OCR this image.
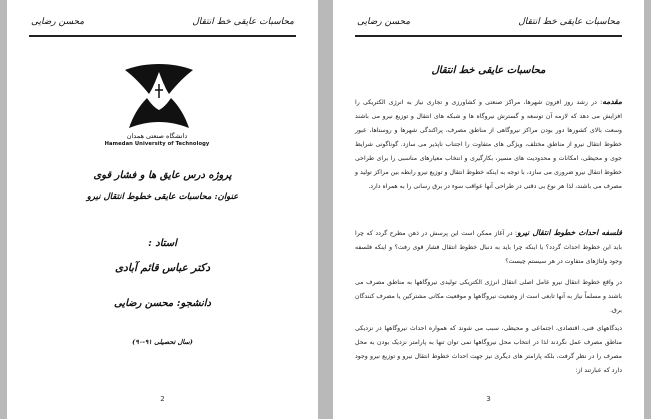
محاسبات عایقی خط انتقال
محسن رضایی
دانشگاه صنعتی همدان
Hamedan University of Technology
پروژه درس عایق ها و فشار قوی
عنوان: محاسبات عایقی خطوط انتقال نیرو
استاد :
دکتر عباس قائم آبادی
دانشجو: محسن رضایی
(سال تحصیلی ۹۱-۹۰)
2
محاسبات عایقی خط انتقال
محسن رضایی
محاسبات عایقی خط انتقال
مقدمه: در رشد روز افزون شهرها، مراکز صنعتی و کشاورزی و تجاری نیاز به انرژی الکتریکی را افزایش می دهد که لازمه آن توسعه و گسترش نیروگاه ها و شبکه های انتقال و توزیع نیرو می باشند وسعت بالای کشورها دور بودن مراکز نیروگاهی از مناطق مصرف، پراکندگی شهرها و روستاها، عبور خطوط انتقال نیرو از مناطق مختلف، ویژگی های متفاوت را اجتناب ناپذیر می سازد. گوناگونی شرایط جوی و محیطی، امکانات و محدودیت های مسیر، بکارگیری و انتخاب معیارهای مناسبی را برای طراحی خطوط انتقال نیرو ضروری می سازد، با توجه به اینکه خطوط انتقال و توزیع نیرو رابطه بین مراکز تولید و مصرف می باشند، لذا هر نوع بی دقتی در طراحی آنها عواقب سوء در برق رسانی را به همراه دارد.
فلسفه احداث خطوط انتقال نیرو: در آغاز ممکن است این پرسش در ذهن مطرح گردد که چرا باید این خطوط احداث گردد؟ یا اینکه چرا باید به دنبال خطوط انتقال فشار قوی رفت؟ و اینکه فلسفه وجود ولتاژهای متفاوت در هر سیستم چیست؟
در واقع خطوط انتقال نیرو عامل اصلی انتقال انرژی الکتریکی تولیدی نیروگاهها به مناطق مصرف می باشند و مسلماً نیاز به آنها تابعی است از وضعیت نیروگاهها و موقعیت مکانی مشترکین یا مصرف کنندگان برق.
دیدگاههای فنی، اقتصادی، اجتماعی و محیطی، سبب می شوند که همواره احداث نیروگاهها در نزدیکی مناطق مصرف عمل نگردند لذا در انتخاب محل نیروگاهها نمی توان تنها به پارامتر نزدیک بودن به محل مصرف را در نظر گرفت، بلکه پارامتر های دیگری نیز جهت احداث خطوط انتقال نیرو و توزیع نیرو وجود دارد که عبارتند از:
3
